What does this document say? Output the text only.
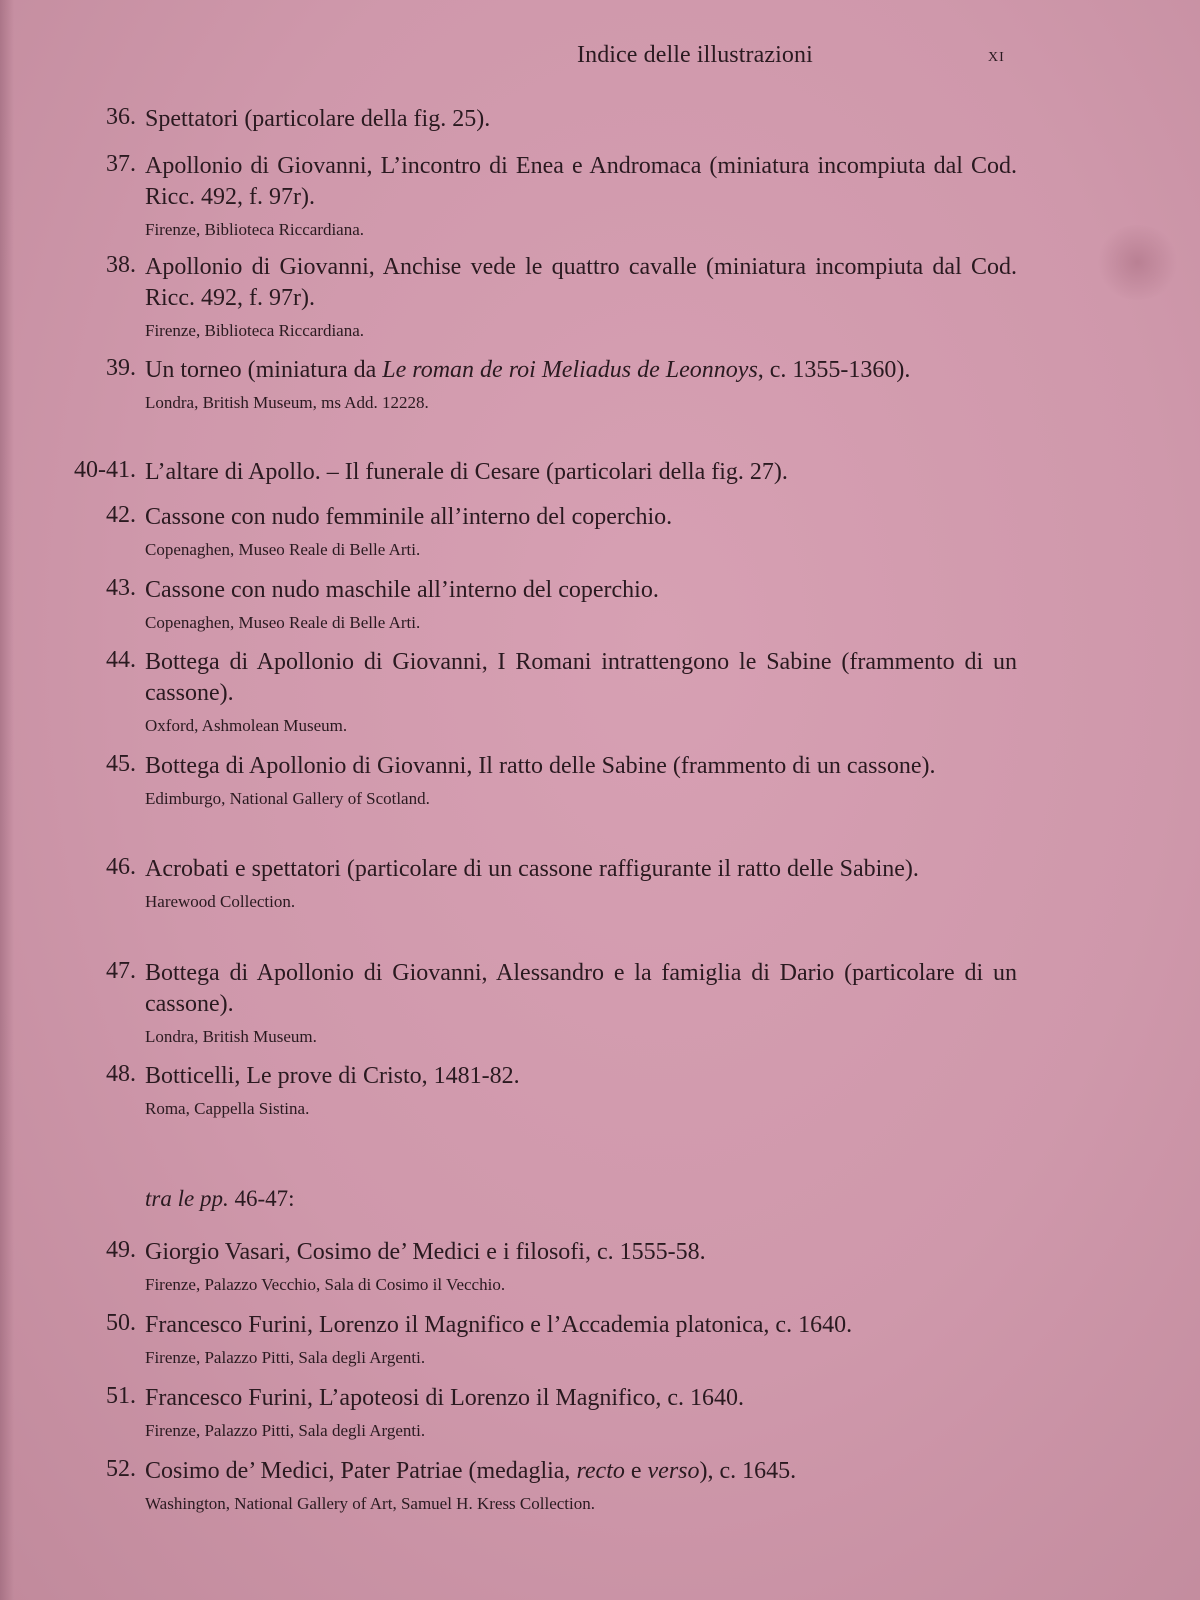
Indice delle illustrazioni	xi
36. Spettatori (particolare della fig. 25).
37. Apollonio di Giovanni, L’incontro di Enea e Andromaca (miniatura incompiuta dal Cod. Ricc. 492, f. 97r).
Firenze, Biblioteca Riccardiana.
38. Apollonio di Giovanni, Anchise vede le quattro cavalle (miniatura incompiuta dal Cod. Ricc. 492, f. 97r).
Firenze, Biblioteca Riccardiana.
39. Un torneo (miniatura da Le roman de roi Meliadus de Leonnoys, c. 1355-1360).
Londra, British Museum, ms Add. 12228.
40-41. L’altare di Apollo. – Il funerale di Cesare (particolari della fig. 27).
42. Cassone con nudo femminile all’interno del coperchio.
Copenaghen, Museo Reale di Belle Arti.
43. Cassone con nudo maschile all’interno del coperchio.
Copenaghen, Museo Reale di Belle Arti.
44. Bottega di Apollonio di Giovanni, I Romani intrattengono le Sabine (frammento di un cassone).
Oxford, Ashmolean Museum.
45. Bottega di Apollonio di Giovanni, Il ratto delle Sabine (frammento di un cassone).
Edimburgo, National Gallery of Scotland.
46. Acrobati e spettatori (particolare di un cassone raffigurante il ratto delle Sabine).
Harewood Collection.
47. Bottega di Apollonio di Giovanni, Alessandro e la famiglia di Dario (particolare di un cassone).
Londra, British Museum.
48. Botticelli, Le prove di Cristo, 1481-82.
Roma, Cappella Sistina.
tra le pp. 46-47:
49. Giorgio Vasari, Cosimo de’ Medici e i filosofi, c. 1555-58.
Firenze, Palazzo Vecchio, Sala di Cosimo il Vecchio.
50. Francesco Furini, Lorenzo il Magnifico e l’Accademia platonica, c. 1640.
Firenze, Palazzo Pitti, Sala degli Argenti.
51. Francesco Furini, L’apoteosi di Lorenzo il Magnifico, c. 1640.
Firenze, Palazzo Pitti, Sala degli Argenti.
52. Cosimo de’ Medici, Pater Patriae (medaglia, recto e verso), c. 1645.
Washington, National Gallery of Art, Samuel H. Kress Collection.
